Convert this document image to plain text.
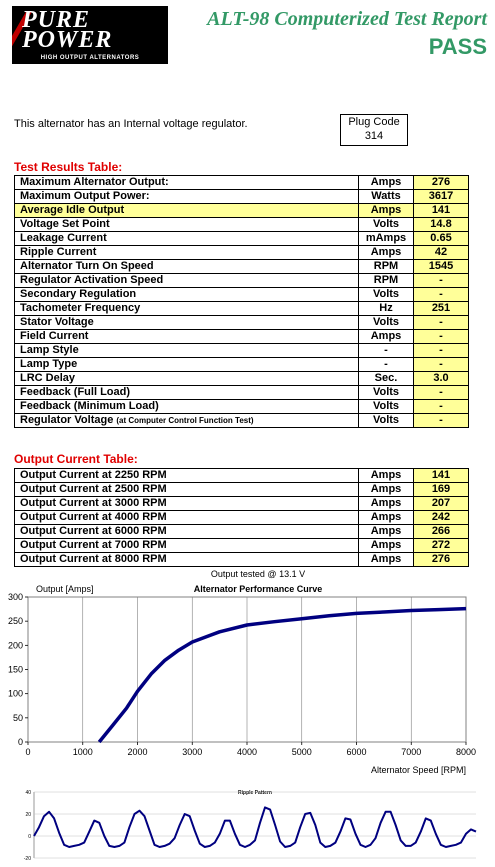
PURE
POWER
HIGH OUTPUT ALTERNATORS
ALT-98 Computerized Test Report
PASS
This alternator has an Internal voltage regulator.	Plug Code
314
Test Results Table:
Maximum Alternator Output:	Amps	276
Maximum Output Power:	Watts	3617
Average Idle Output	Amps	141
Voltage Set Point	Volts	14.8
Leakage Current	mAmps	0.65
Ripple Current	Amps	42
Alternator Turn On Speed	RPM	1545
Regulator Activation Speed	RPM	-
Secondary Regulation	Volts	-
Tachometer Frequency	Hz	251
Stator Voltage	Volts	-
Field Current	Amps	-
Lamp Style	-	-
Lamp Type	-	-
LRC Delay	Sec.	3.0
Feedback (Full Load)	Volts	-
Feedback (Minimum Load)	Volts	-
Regulator Voltage (at Computer Control Function Test)	Volts	-
Output Current Table:
Output Current at 2250 RPM	Amps	141
Output Current at 2500 RPM	Amps	169
Output Current at 3000 RPM	Amps	207
Output Current at 4000 RPM	Amps	242
Output Current at 6000 RPM	Amps	266
Output Current at 7000 RPM	Amps	272
Output Current at 8000 RPM	Amps	276
Output tested @ 13.1 V
Alternator Performance Curve
Output [Amps]
Alternator Speed [RPM]
0	1000	2000	3000	4000	5000	6000	7000	8000
0
50
100
150
200
250
300
Ripple Pattern
-20
0
20
40
